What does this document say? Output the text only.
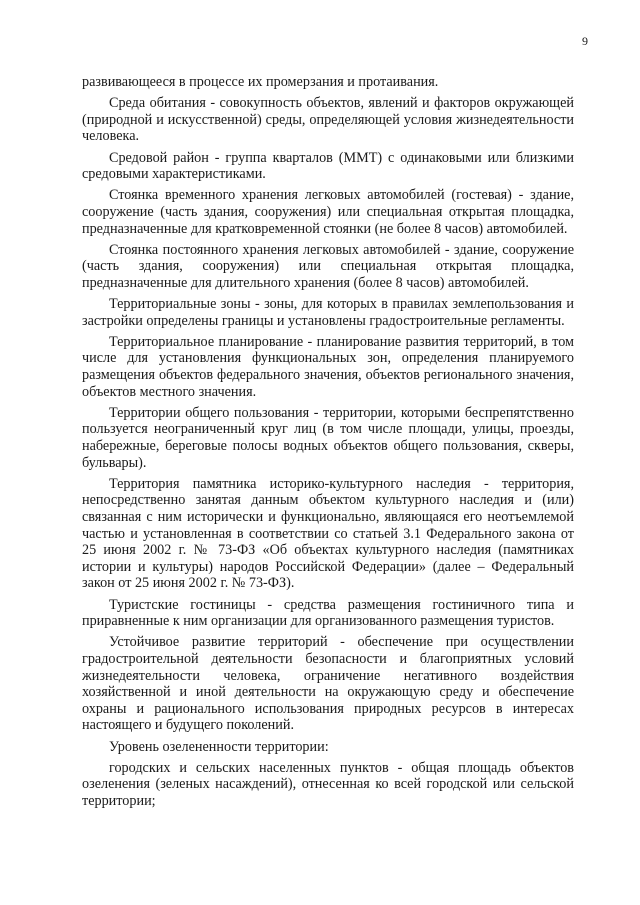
9

развивающееся в процессе их промерзания и протаивания.

Среда обитания - совокупность объектов, явлений и факторов окружающей (природной и искусственной) среды, определяющей условия жизнедеятельности человека.

Средовой район - группа кварталов (ММТ) с одинаковыми или близкими средовыми характеристиками.

Стоянка временного хранения легковых автомобилей (гостевая) - здание, сооружение (часть здания, сооружения) или специальная открытая площадка, предназначенные для кратковременной стоянки (не более 8 часов) автомобилей.

Стоянка постоянного хранения легковых автомобилей - здание, сооружение (часть здания, сооружения) или специальная открытая площадка, предназначенные для длительного хранения (более 8 часов) автомобилей.

Территориальные зоны - зоны, для которых в правилах землепользования и застройки определены границы и установлены градостроительные регламенты.

Территориальное планирование - планирование развития территорий, в том числе для установления функциональных зон, определения планируемого размещения объектов федерального значения, объектов регионального значения, объектов местного значения.

Территории общего пользования - территории, которыми беспрепятственно пользуется неограниченный круг лиц (в том числе площади, улицы, проезды, набережные, береговые полосы водных объектов общего пользования, скверы, бульвары).

Территория памятника историко-культурного наследия - территория, непосредственно занятая данным объектом культурного наследия и (или) связанная с ним исторически и функционально, являющаяся его неотъемлемой частью и установленная в соответствии со статьей 3.1 Федерального закона от 25 июня 2002 г. № 73-ФЗ «Об объектах культурного наследия (памятниках истории и культуры) народов Российской Федерации» (далее – Федеральный закон от 25 июня 2002 г. № 73-ФЗ).

Туристские гостиницы - средства размещения гостиничного типа и приравненные к ним организации для организованного размещения туристов.

Устойчивое развитие территорий - обеспечение при осуществлении градостроительной деятельности безопасности и благоприятных условий жизнедеятельности человека, ограничение негативного воздействия хозяйственной и иной деятельности на окружающую среду и обеспечение охраны и рационального использования природных ресурсов в интересах настоящего и будущего поколений.

Уровень озелененности территории:

городских и сельских населенных пунктов - общая площадь объектов озеленения (зеленых насаждений), отнесенная ко всей городской или сельской территории;
